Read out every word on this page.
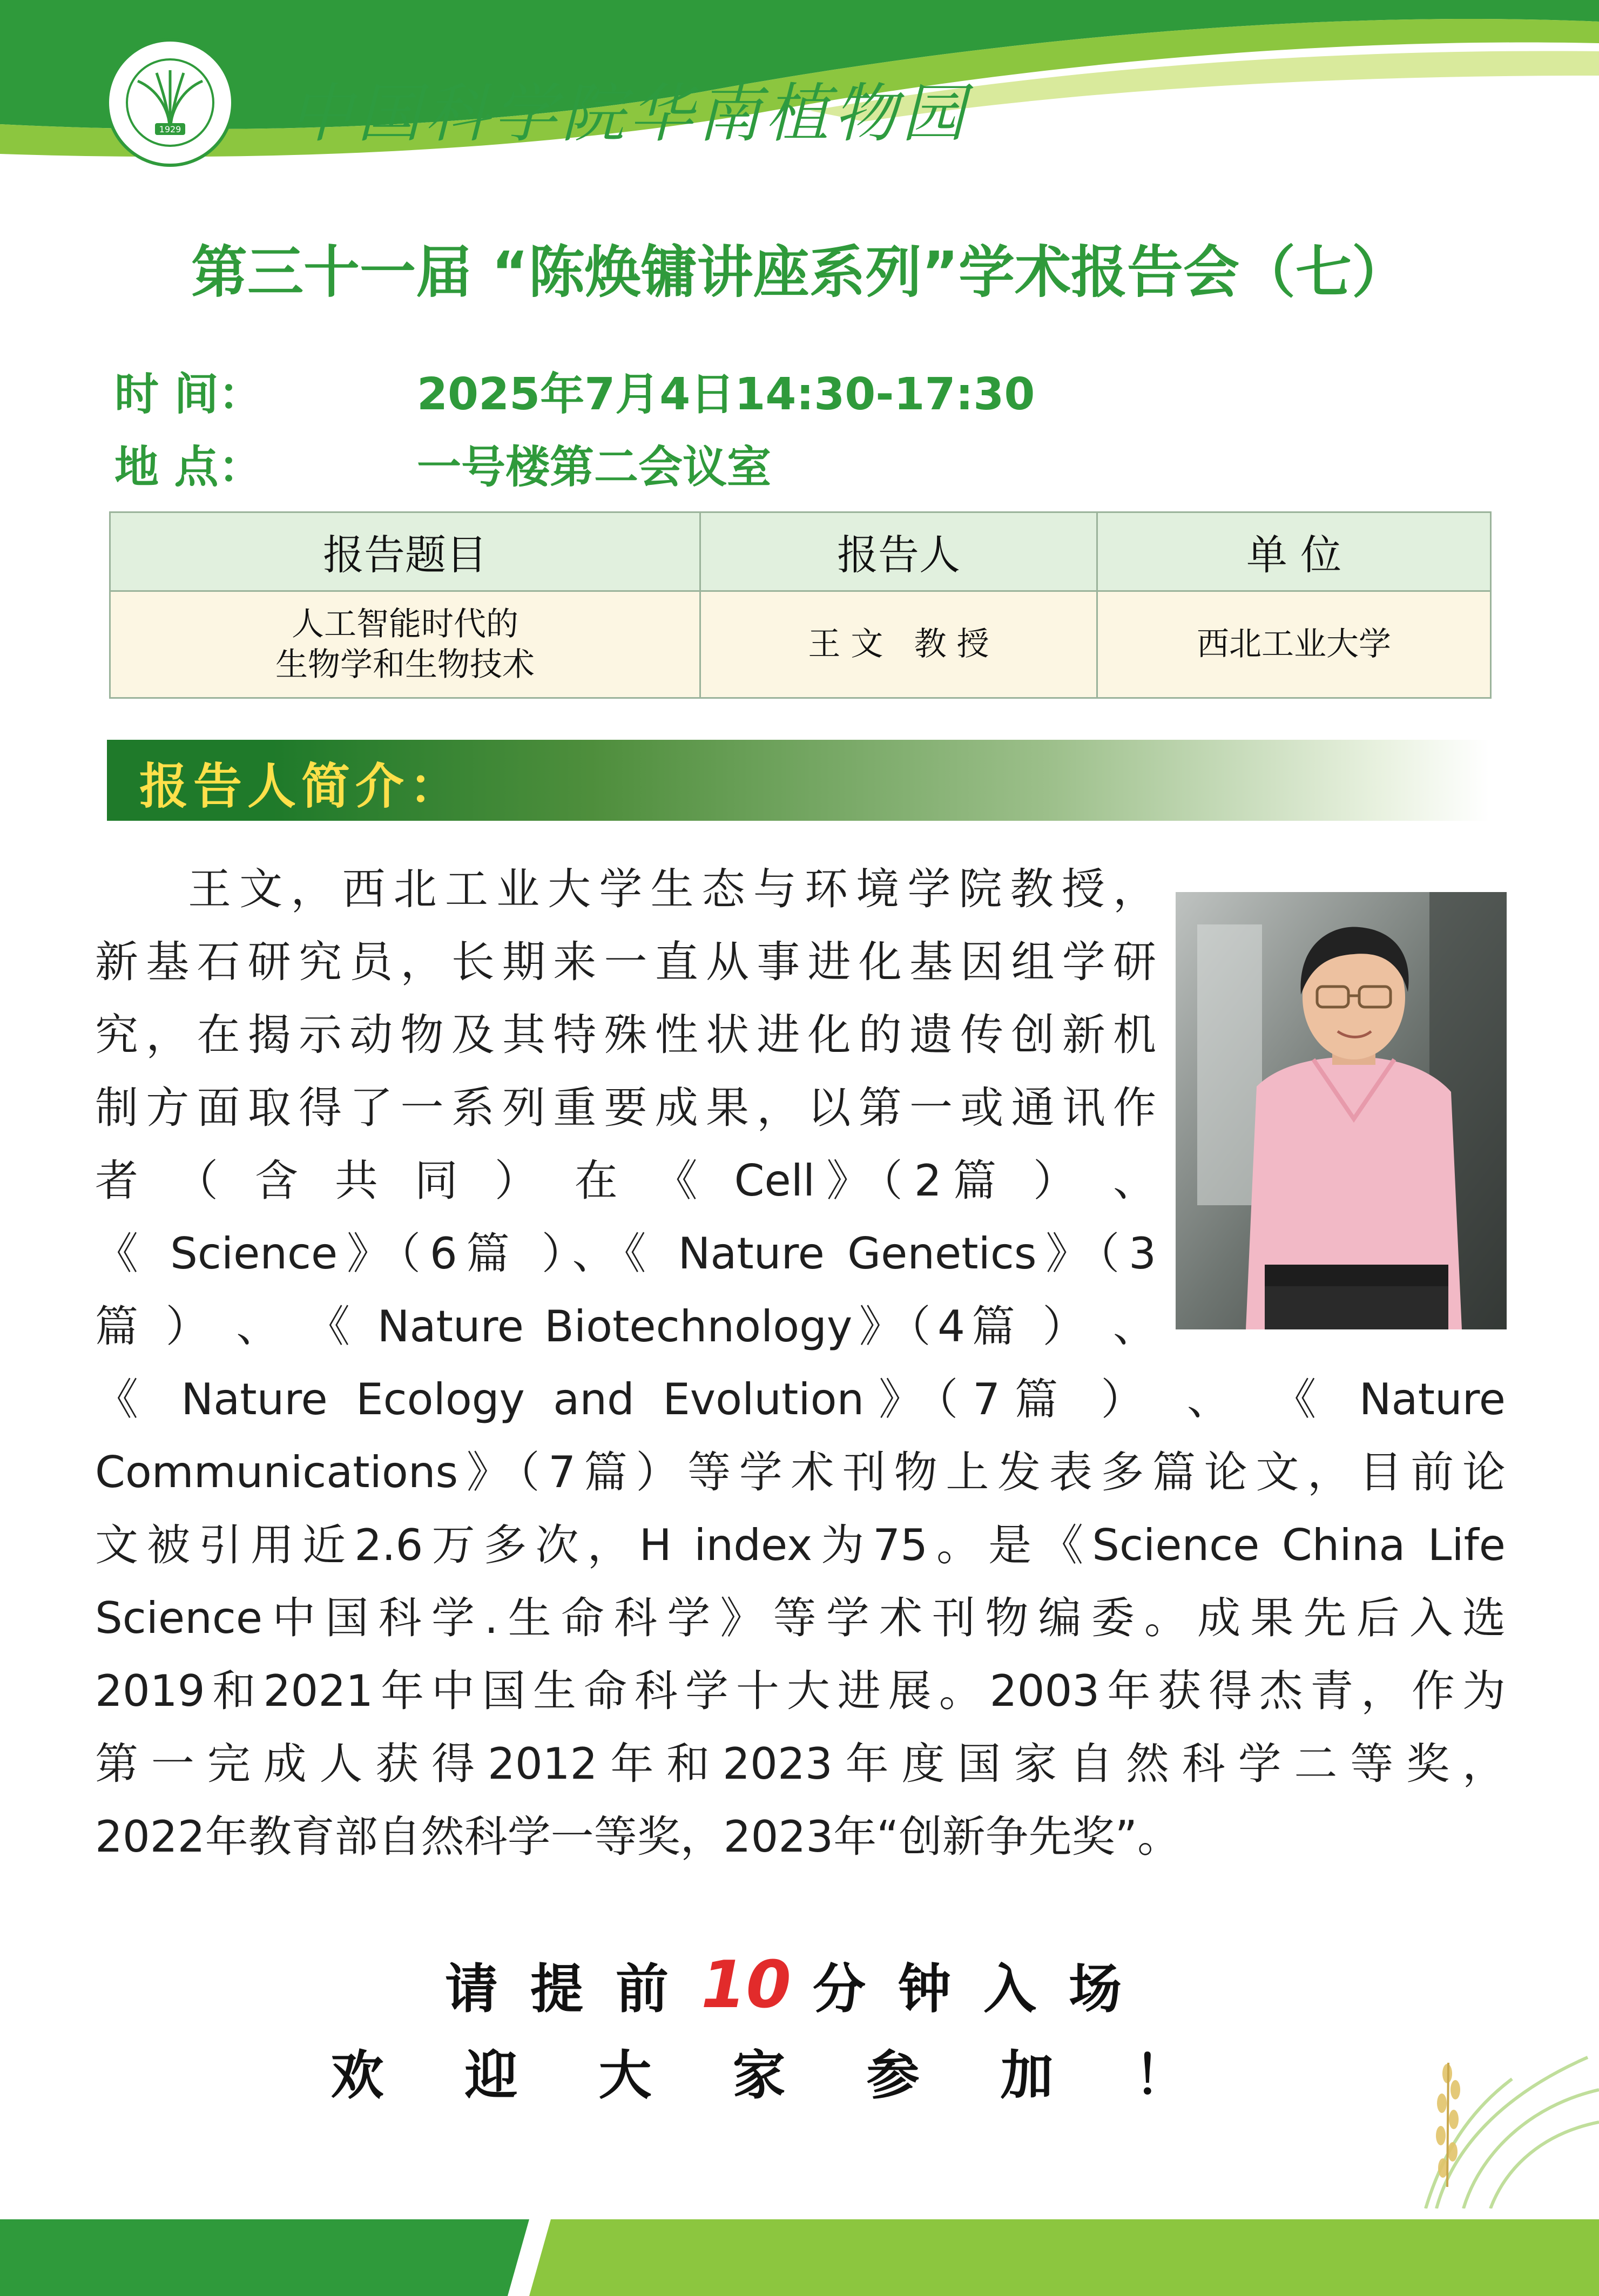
1929 中国科学院华南植物园
第三十一届 “陈焕镛讲座系列”学术报告会（七）
时 间：	2025年7月4日14:30-17:30
地 点：	一号楼第二会议室
报告题目	报告人	单 位

人工智能时代的
生物学和生物技术	王 文   教 授	西北工业大学
报告人简介：
王文，西北工业大学生态与环境学院教授，
新基石研究员，长期来一直从事进化基因组学研
究，在揭示动物及其特殊性状进化的遗传创新机
制方面取得了一系列重要成果，以第一或通讯作
者 （ 含 共 同 ） 在 《 Cell》（2篇 ） 、
《 Science》（6篇 ）、《 Nature Genetics》（3
篇 ） 、 《 Nature Biotechnology》（4篇 ） 、
《 Nature Ecology and Evolution》（7篇 ） 、 《 Nature
Communications》（7篇）等学术刊物上发表多篇论文，目前论
文被引用近2.6万多次，H index为75。是《Science China Life
Science中国科学.生命科学》等学术刊物编委。成果先后入选
2019和2021年中国生命科学十大进展。2003年获得杰青，作为
第一完成人获得2012年和2023年度国家自然科学二等奖，
2022年教育部自然科学一等奖，2023年“创新争先奖”。
请提前10 分钟入场
欢迎大家参加！
